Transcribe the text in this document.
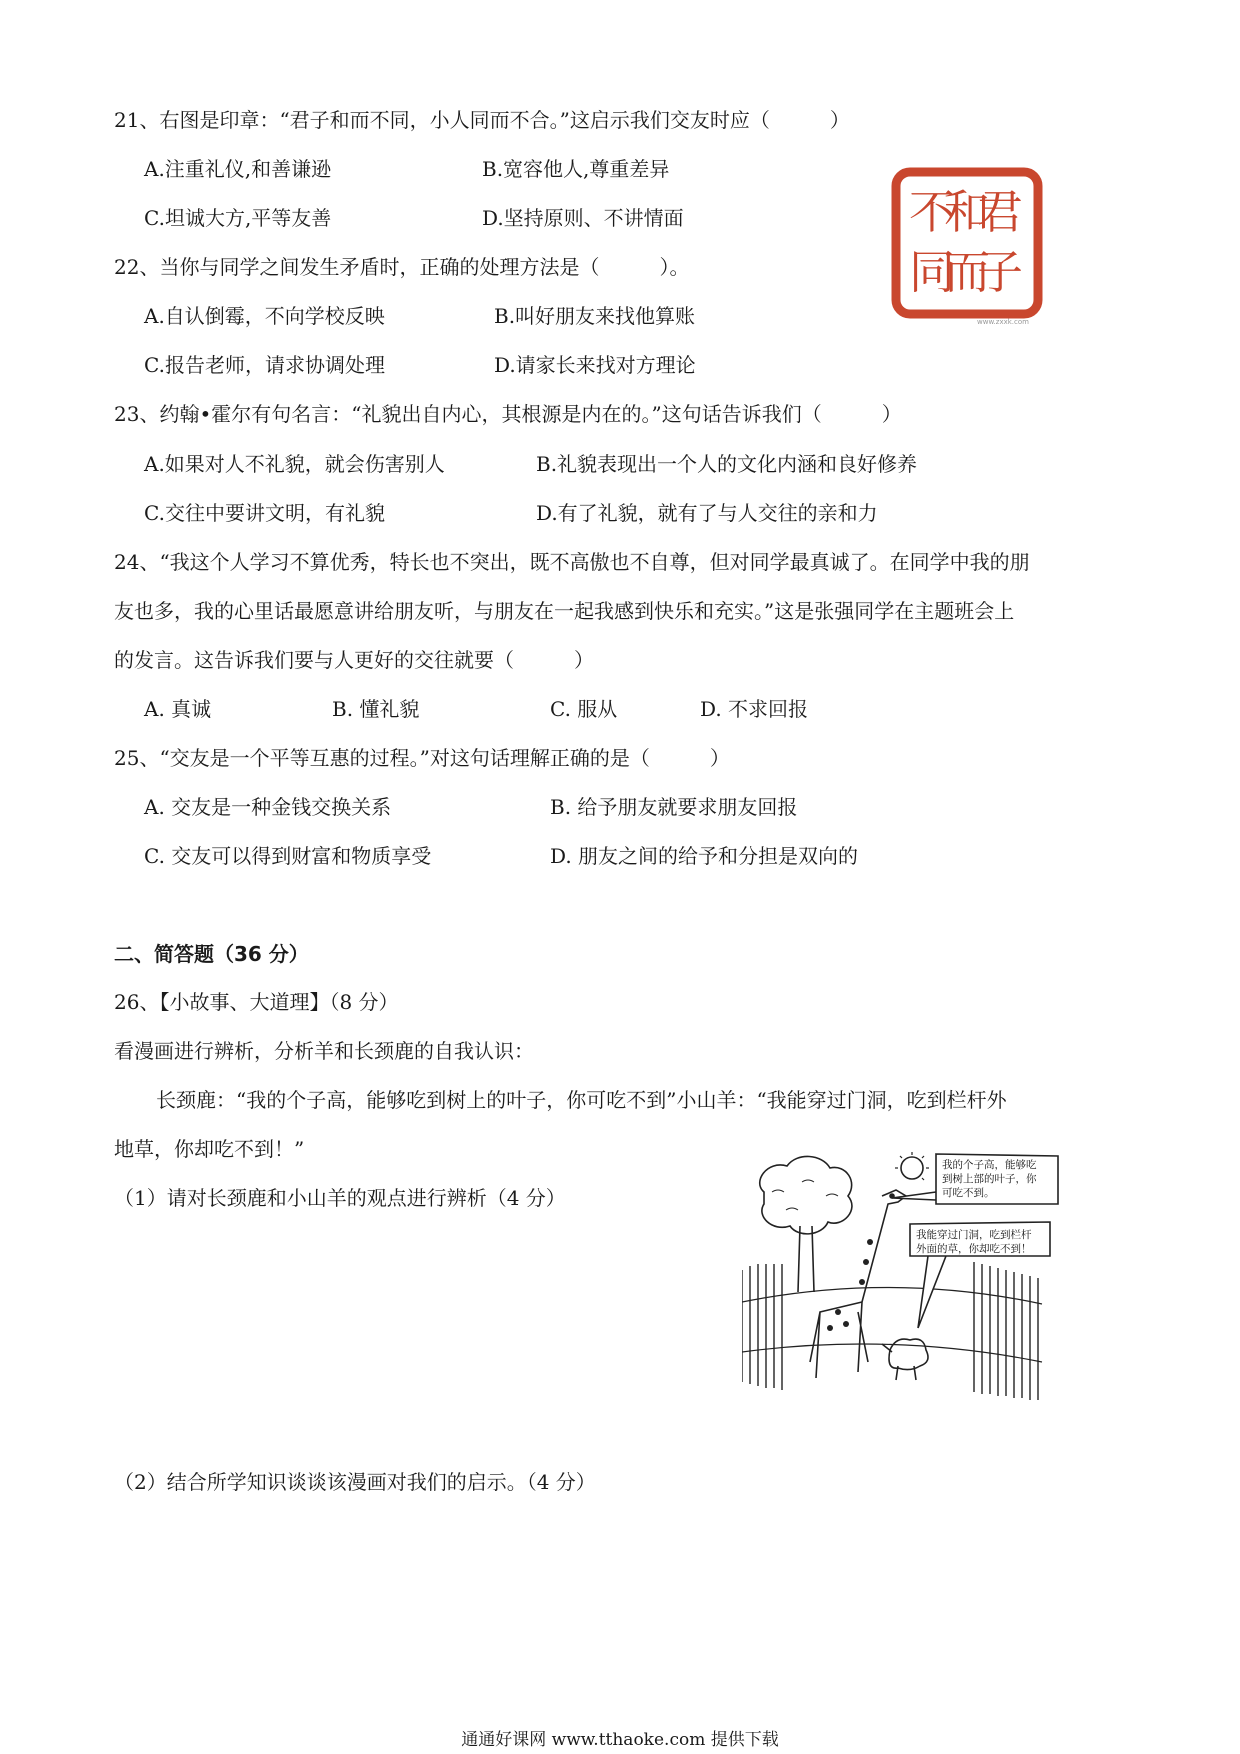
21、右图是印章：“君子和而不同，小人同而不合。”这启示我们交友时应（　　　）
A.注重礼仪,和善谦逊	B.宽容他人,尊重差异
C.坦诚大方,平等友善	D.坚持原则、不讲情面	君
子
和
而
不
同
www.zxxk.com
22、当你与同学之间发生矛盾时，正确的处理方法是（　　　）。
A.自认倒霉，不向学校反映	B.叫好朋友来找他算账
C.报告老师，请求协调处理	D.请家长来找对方理论
23、约翰•霍尔有句名言：“礼貌出自内心，其根源是内在的。”这句话告诉我们（　　　）
A.如果对人不礼貌，就会伤害别人	B.礼貌表现出一个人的文化内涵和良好修养
C.交往中要讲文明，有礼貌	D.有了礼貌，就有了与人交往的亲和力
24、“我这个人学习不算优秀，特长也不突出，既不高傲也不自尊，但对同学最真诚了。在同学中我的朋
友也多，我的心里话最愿意讲给朋友听，与朋友在一起我感到快乐和充实。”这是张强同学在主题班会上
的发言。这告诉我们要与人更好的交往就要（　　　）
A. 真诚	B. 懂礼貌	C. 服从	D. 不求回报
25、“交友是一个平等互惠的过程。”对这句话理解正确的是（　　　）
A. 交友是一种金钱交换关系	B. 给予朋友就要求朋友回报
C. 交友可以得到财富和物质享受	D. 朋友之间的给予和分担是双向的
二、简答题（36 分）
26、【小故事、大道理】（8 分）
看漫画进行辨析，分析羊和长颈鹿的自我认识：
长颈鹿：“我的个子高，能够吃到树上的叶子，你可吃不到”小山羊：“我能穿过门洞，吃到栏杆外
地草，你却吃不到！”
（1）请对长颈鹿和小山羊的观点进行辨析（4 分）
（2）结合所学知识谈谈该漫画对我们的启示。（4 分）
我的个子高，能够吃
到树上部的叶子，你
可吃不到。
我能穿过门洞，吃到栏杆
外面的草，你却吃不到！
通通好课网 www.tthaoke.com 提供下载
